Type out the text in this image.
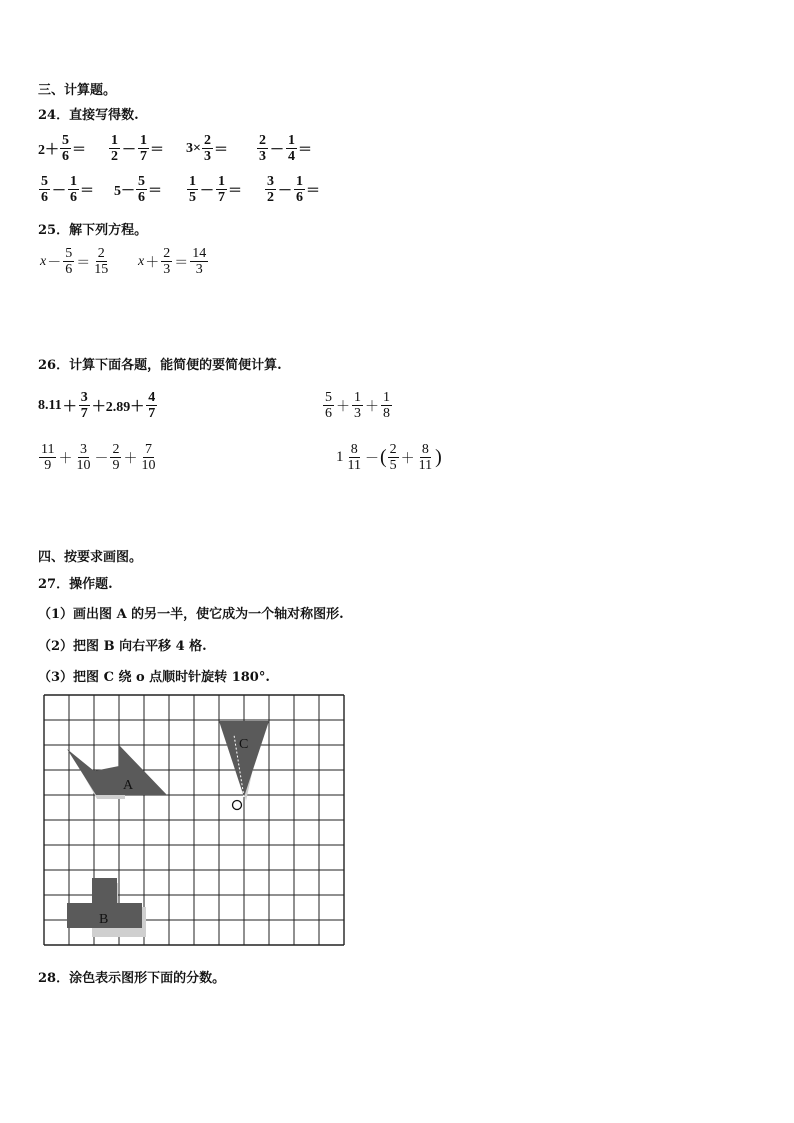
三、计算题。
24．直接写得数.
$2+ \frac{5}{6} = \frac{1}{2} - \frac{1}{7} = 3\times \frac{2}{3} = \frac{2}{3} - \frac{1}{4}$ ＝
$\frac{5}{6} - \frac{1}{6} = 5- \frac{5}{6} = \frac{1}{5} - \frac{1}{7} = \frac{3}{2} - \frac{1}{6}$ ＝
25．解下列方程。
$x - \frac{5}{6} = \frac{2}{15}$ $x + \frac{2}{3} = \frac{14}{3}$
26．计算下面各题，能简便的要简便计算.
$8.11 + \frac{3}{7} +2.89+ \frac{4}{7}$	$\frac{5}{6} + \frac{1}{3} + \frac{1}{8}$
$\frac{11}{9} + \frac{3}{10} - \frac{2}{9} + \frac{7}{10}$	$1 \frac{8}{11}$ － ( $\frac{2}{5} + \frac{8}{11}$ )
四、按要求画图。
27．操作题.
（1）画出图 A 的另一半，使它成为一个轴对称图形.
（2）把图 B 向右平移 4 格.
（3）把图 C 绕 o 点顺时针旋转 180°.
A
B
C
28．涂色表示图形下面的分数。
